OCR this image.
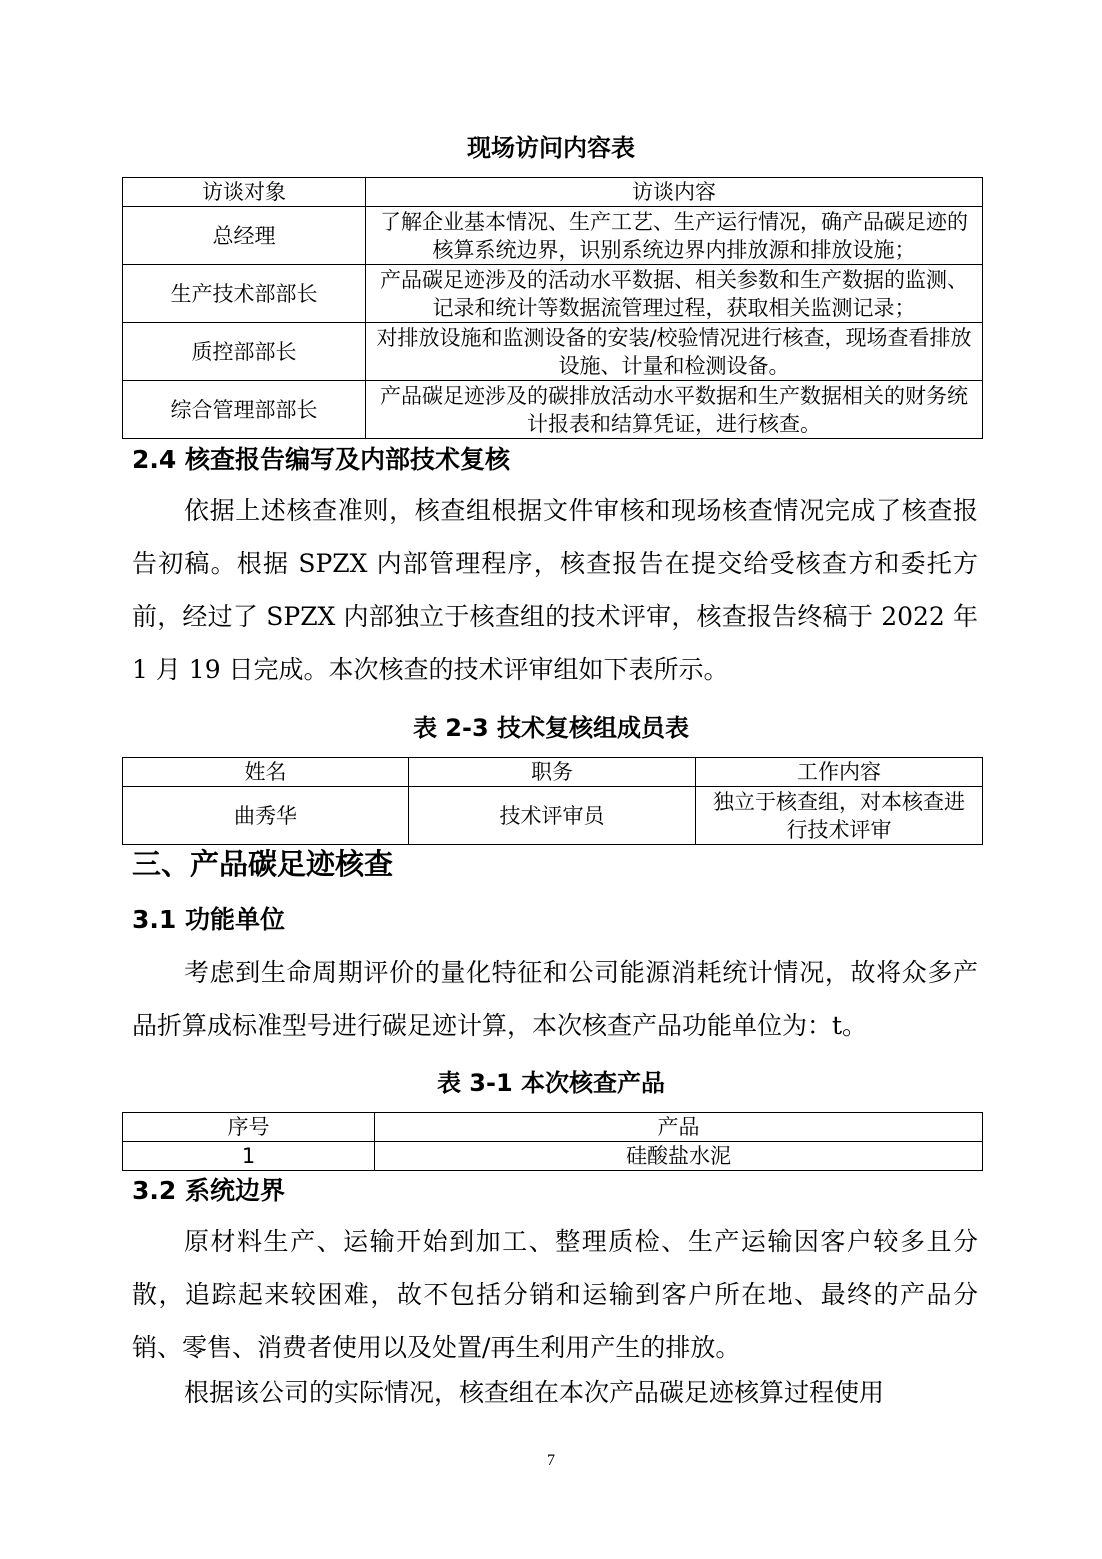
现场访问内容表
访谈对象	访谈内容
总经理	了解企业基本情况、生产工艺、生产运行情况，确产品碳足迹的核算系统边界，识别系统边界内排放源和排放设施；
生产技术部部长	产品碳足迹涉及的活动水平数据、相关参数和生产数据的监测、记录和统计等数据流管理过程，获取相关监测记录；
质控部部长	对排放设施和监测设备的安装/校验情况进行核查，现场查看排放设施、计量和检测设备。
综合管理部部长	产品碳足迹涉及的碳排放活动水平数据和生产数据相关的财务统计报表和结算凭证，进行核查。
2.4 核查报告编写及内部技术复核

依据上述核查准则，核查组根据文件审核和现场核查情况完成了核查报告初稿。根据 SPZX 内部管理程序，核查报告在提交给受核查方和委托方前，经过了 SPZX 内部独立于核查组的技术评审，核查报告终稿于 2022 年 1 月 19 日完成。本次核查的技术评审组如下表所示。

表 2-3 技术复核组成员表
姓名	职务	工作内容
曲秀华	技术评审员	独立于核查组，对本核查进行技术评审
三、产品碳足迹核查
3.1 功能单位

考虑到生命周期评价的量化特征和公司能源消耗统计情况，故将众多产品折算成标准型号进行碳足迹计算，本次核查产品功能单位为：t。

表 3-1 本次核查产品
序号	产品
1	硅酸盐水泥
3.2 系统边界

原材料生产、运输开始到加工、整理质检、生产运输因客户较多且分散，追踪起来较困难，故不包括分销和运输到客户所在地、最终的产品分销、零售、消费者使用以及处置/再生利用产生的排放。

根据该公司的实际情况，核查组在本次产品碳足迹核算过程使用

7
